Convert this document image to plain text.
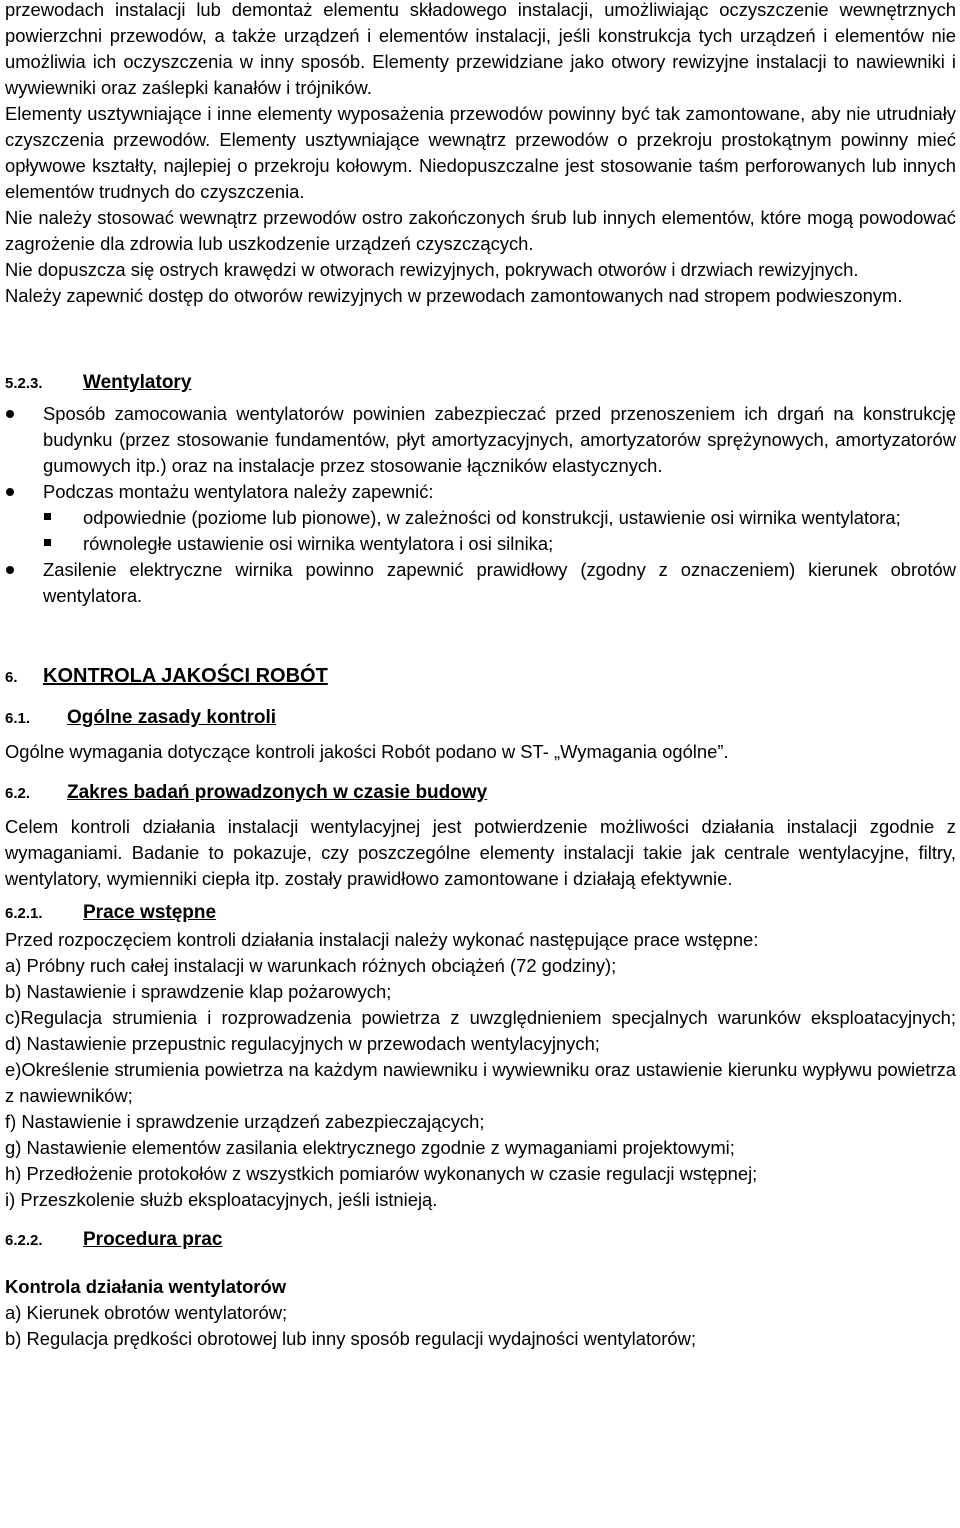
przewodach instalacji lub demontaż elementu składowego instalacji, umożliwiając oczyszczenie wewnętrznych powierzchni przewodów, a także urządzeń i elementów instalacji, jeśli konstrukcja tych urządzeń i elementów nie umożliwia ich oczyszczenia w inny sposób. Elementy przewidziane jako otwory rewizyjne instalacji to nawiewniki i wywiewniki oraz zaślepki kanałów i trójników.

Elementy usztywniające i inne elementy wyposażenia przewodów powinny być tak zamontowane, aby nie utrudniały czyszczenia przewodów. Elementy usztywniające wewnątrz przewodów o przekroju prostokątnym powinny mieć opływowe kształty, najlepiej o przekroju kołowym. Niedopuszczalne jest stosowanie taśm perforowanych lub innych elementów trudnych do czyszczenia.

Nie należy stosować wewnątrz przewodów ostro zakończonych śrub lub innych elementów, które mogą powodować zagrożenie dla zdrowia lub uszkodzenie urządzeń czyszczących.

Nie dopuszcza się ostrych krawędzi w otworach rewizyjnych, pokrywach otworów i drzwiach rewizyjnych.

Należy zapewnić dostęp do otworów rewizyjnych w przewodach zamontowanych nad stropem podwieszonym.

5.2.3.	Wentylatory
Sposób zamocowania wentylatorów powinien zabezpieczać przed przenoszeniem ich drgań na konstrukcję budynku (przez stosowanie fundamentów, płyt amortyzacyjnych, amortyzatorów sprężynowych, amortyzatorów gumowych itp.) oraz na instalacje przez stosowanie łączników elastycznych.
Podczas montażu wentylatora należy zapewnić:
odpowiednie (poziome lub pionowe), w zależności od konstrukcji, ustawienie osi wirnika wentylatora;
równoległe ustawienie osi wirnika wentylatora i osi silnika;
Zasilenie elektryczne wirnika powinno zapewnić prawidłowy (zgodny z oznaczeniem) kierunek obrotów wentylatora.
6.	KONTROLA JAKOŚCI ROBÓT
6.1.	Ogólne zasady kontroli

Ogólne wymagania dotyczące kontroli jakości Robót podano w ST- „Wymagania ogólne”.

6.2.	Zakres badań prowadzonych w czasie budowy

Celem kontroli działania instalacji wentylacyjnej jest potwierdzenie możliwości działania instalacji zgodnie z wymaganiami. Badanie to pokazuje, czy poszczególne elementy instalacji takie jak centrale wentylacyjne, filtry, wentylatory, wymienniki ciepła itp. zostały prawidłowo zamontowane i działają efektywnie.

6.2.1.	Prace wstępne

Przed rozpoczęciem kontroli działania instalacji należy wykonać następujące prace wstępne:

a) Próbny ruch całej instalacji w warunkach różnych obciążeń (72 godziny);
b) Nastawienie i sprawdzenie klap pożarowych;
c)Regulacja strumienia i rozprowadzenia powietrza z uwzględnieniem specjalnych warunków eksploatacyjnych;
d) Nastawienie przepustnic regulacyjnych w przewodach wentylacyjnych;
e)Określenie strumienia powietrza na każdym nawiewniku i wywiewniku oraz ustawienie kierunku wypływu powietrza z nawiewników;
f) Nastawienie i sprawdzenie urządzeń zabezpieczających;
g) Nastawienie elementów zasilania elektrycznego zgodnie z wymaganiami projektowymi;
h) Przedłożenie protokołów z wszystkich pomiarów wykonanych w czasie regulacji wstępnej;
i) Przeszkolenie służb eksploatacyjnych, jeśli istnieją.
6.2.2.	Procedura prac

Kontrola działania wentylatorów

a) Kierunek obrotów wentylatorów;
b) Regulacja prędkości obrotowej lub inny sposób regulacji wydajności wentylatorów;
